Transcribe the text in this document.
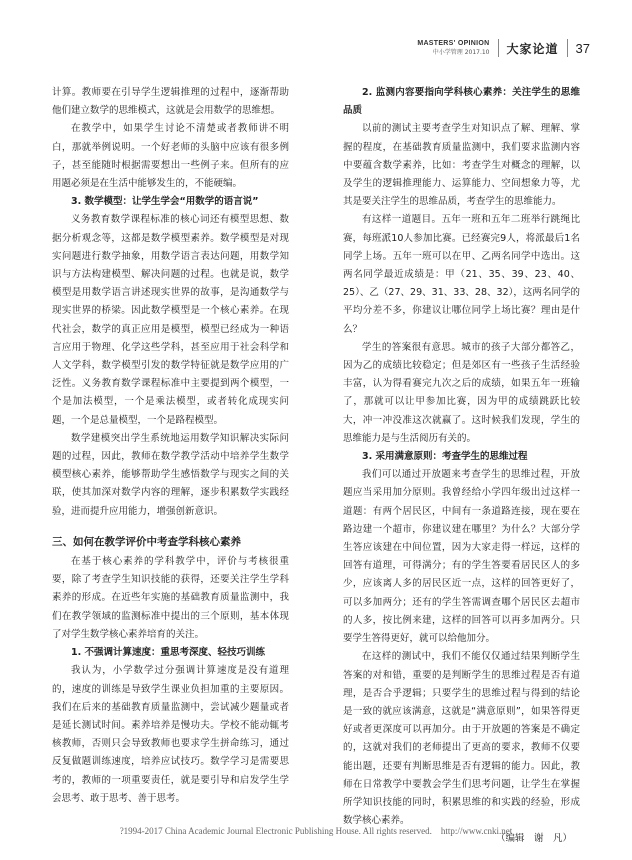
MASTERS' OPINION
中小学管理 2017.10 大家论道 37

计算。教师要在引导学生逻辑推理的过程中，逐渐帮助他们建立数学的思维模式，这就是会用数学的思维想。

在教学中，如果学生讨论不清楚或者教师讲不明白，那就举例说明。一个好老师的头脑中应该有很多例子，甚至能随时根据需要想出一些例子来。但所有的应用题必须是在生活中能够发生的，不能硬编。

3. 数学模型：让学生学会“用数学的语言说”

义务教育数学课程标准的核心词还有模型思想、数据分析观念等，这都是数学模型素养。数学模型是对现实问题进行数学抽象，用数学语言表达问题，用数学知识与方法构建模型、解决问题的过程。也就是说，数学模型是用数学语言讲述现实世界的故事，是沟通数学与现实世界的桥梁。因此数学模型是一个核心素养。在现代社会，数学的真正应用是模型，模型已经成为一种语言应用于物理、化学这些学科，甚至应用于社会科学和人文学科，数学模型引发的数学特征就是数学应用的广泛性。义务教育数学课程标准中主要提到两个模型，一个是加法模型，一个是乘法模型，或者转化成现实问题，一个是总量模型，一个是路程模型。

数学建模突出学生系统地运用数学知识解决实际问题的过程，因此，教师在数学教学活动中培养学生数学模型核心素养，能够帮助学生感悟数学与现实之间的关联，使其加深对数学内容的理解，逐步积累数学实践经验，进而提升应用能力，增强创新意识。

三、如何在教学评价中考查学科核心素养

在基于核心素养的学科教学中，评价与考核很重要，除了考查学生知识技能的获得，还要关注学生学科素养的形成。在近些年实施的基础教育质量监测中，我们在教学领域的监测标准中提出的三个原则，基本体现了对学生数学核心素养培育的关注。

1. 不强调计算速度：重思考深度、轻技巧训练

我认为，小学数学过分强调计算速度是没有道理的，速度的训练是导致学生课业负担加重的主要原因。我们在后来的基础教育质量监测中，尝试减少题量或者是延长测试时间。素养培养是慢功夫。学校不能动辄考核教师，否则只会导致教师也要求学生拼命练习，通过反复做题训练速度，培养应试技巧。数学学习是需要思考的，教师的一项重要责任，就是要引导和启发学生学会思考、敢于思考、善于思考。

2. 监测内容要指向学科核心素养：关注学生的思维品质

以前的测试主要考查学生对知识点了解、理解、掌握的程度，在基础教育质量监测中，我们要求监测内容中要蕴含数学素养，比如：考查学生对概念的理解，以及学生的逻辑推理能力、运算能力、空间想象力等，尤其是要关注学生的思维品质，考查学生的思维能力。

有这样一道题目。五年一班和五年二班举行跳绳比赛，每班派10人参加比赛。已经赛完9人，将派最后1名同学上场。五年一班可以在甲、乙两名同学中选出。这两名同学最近成绩是：甲（21、35、39、23、40、25）、乙（27、29、31、33、28、32），这两名同学的平均分差不多，你建议让哪位同学上场比赛？理由是什么？

学生的答案很有意思。城市的孩子大部分都答乙，因为乙的成绩比较稳定；但是郊区有一些孩子生活经验丰富，认为得看赛完九次之后的成绩，如果五年一班输了，那就可以让甲参加比赛，因为甲的成绩跳跃比较大，冲一冲没准这次就赢了。这时候我们发现，学生的思维能力是与生活阅历有关的。

3. 采用满意原则：考查学生的思维过程

我们可以通过开放题来考查学生的思维过程，开放题应当采用加分原则。我曾经给小学四年级出过这样一道题：有两个居民区，中间有一条道路连接，现在要在路边建一个超市，你建议建在哪里？为什么？大部分学生答应该建在中间位置，因为大家走得一样远，这样的回答有道理，可得满分；有的学生答要看居民区人的多少，应该离人多的居民区近一点，这样的回答更好了，可以多加两分；还有的学生答需调查哪个居民区去超市的人多，按比例来建，这样的回答可以再多加两分。只要学生答得更好，就可以给他加分。

在这样的测试中，我们不能仅仅通过结果判断学生答案的对和错，重要的是判断学生的思维过程是否有道理，是否合乎逻辑；只要学生的思维过程与得到的结论是一致的就应该满意，这就是“满意原则”，如果答得更好或者更深度可以再加分。由于开放题的答案是不确定的，这就对我们的老师提出了更高的要求，教师不仅要能出题，还要有判断思维是否有逻辑的能力。因此，教师在日常教学中要教会学生们思考问题，让学生在掌握所学知识技能的同时，积累思维的和实践的经验，形成数学核心素养。

（编辑　谢　凡）

?1994-2017 China Academic Journal Electronic Publishing House. All rights reserved.    http://www.cnki.net
